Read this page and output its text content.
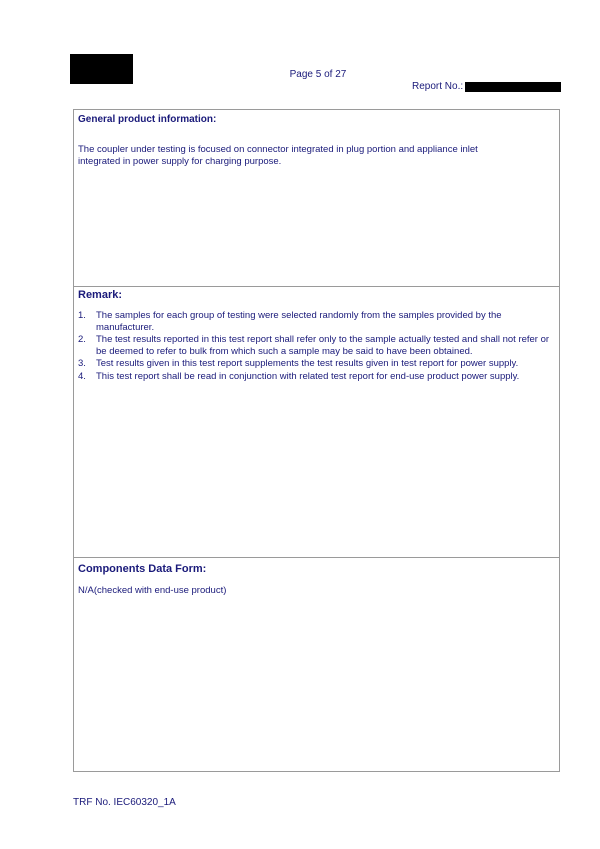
Page 5 of 27
Report No.:

General product information:

The coupler under testing is focused on connector integrated in plug portion and appliance inlet

integrated in power supply for charging purpose.

Remark:

1. The samples for each group of testing were selected randomly from the samples provided by the manufacturer.
2. The test results reported in this test report shall refer only to the sample actually tested and shall not refer or be deemed to refer to bulk from which such a sample may be said to have been obtained.
3. Test results given in this test report supplements the test results given in test report for power supply.
4. This test report shall be read in conjunction with related test report for end-use product power supply.

Components Data Form:

N/A(checked with end-use product)

TRF No. IEC60320_1A
